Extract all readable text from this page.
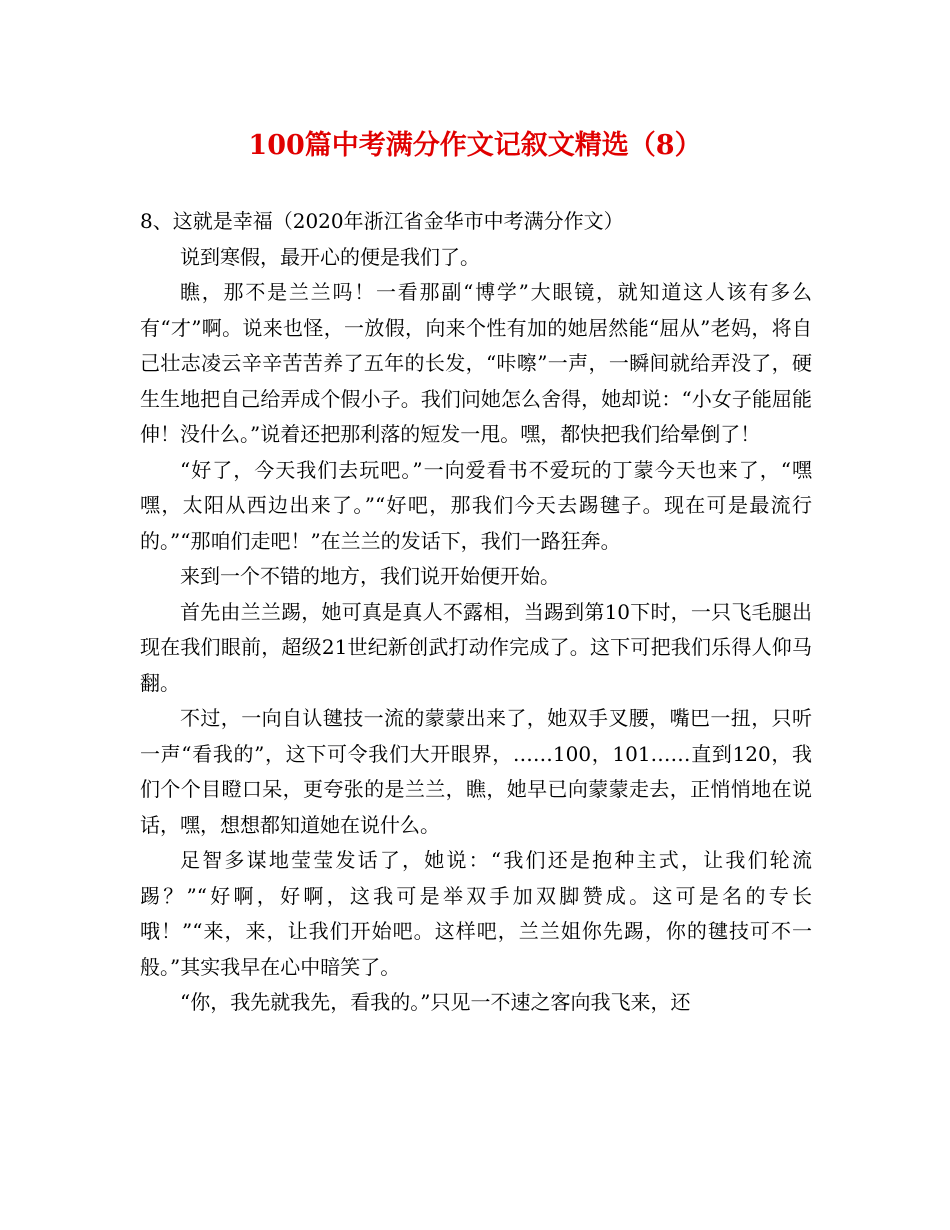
100篇中考满分作文记叙文精选（8）

8、这就是幸福（2020年浙江省金华市中考满分作文）

说到寒假，最开心的便是我们了。

瞧，那不是兰兰吗！一看那副“博学”大眼镜，就知道这人该有多么有“才”啊。说来也怪，一放假，向来个性有加的她居然能“屈从”老妈，将自己壮志凌云辛辛苦苦养了五年的长发，“咔嚓”一声，一瞬间就给弄没了，硬生生地把自己给弄成个假小子。我们问她怎么舍得，她却说：“小女子能屈能伸！没什么。”说着还把那利落的短发一甩。嘿，都快把我们给晕倒了！

“好了，今天我们去玩吧。”一向爱看书不爱玩的丁蒙今天也来了，“嘿嘿，太阳从西边出来了。”“好吧，那我们今天去踢毽子。现在可是最流行的。”“那咱们走吧！”在兰兰的发话下，我们一路狂奔。

来到一个不错的地方，我们说开始便开始。

首先由兰兰踢，她可真是真人不露相，当踢到第10下时，一只飞毛腿出现在我们眼前，超级21世纪新创武打动作完成了。这下可把我们乐得人仰马翻。

不过，一向自认毽技一流的蒙蒙出来了，她双手叉腰，嘴巴一扭，只听一声“看我的”，这下可令我们大开眼界，……100，101……直到120，我们个个目瞪口呆，更夸张的是兰兰，瞧，她早已向蒙蒙走去，正悄悄地在说话，嘿，想想都知道她在说什么。

足智多谋地莹莹发话了，她说：“我们还是抱种主式，让我们轮流踢？”“好啊，好啊，这我可是举双手加双脚赞成。这可是名的专长哦！”“来，来，让我们开始吧。这样吧，兰兰姐你先踢，你的毽技可不一般。”其实我早在心中暗笑了。

“你，我先就我先，看我的。”只见一不速之客向我飞来，还
